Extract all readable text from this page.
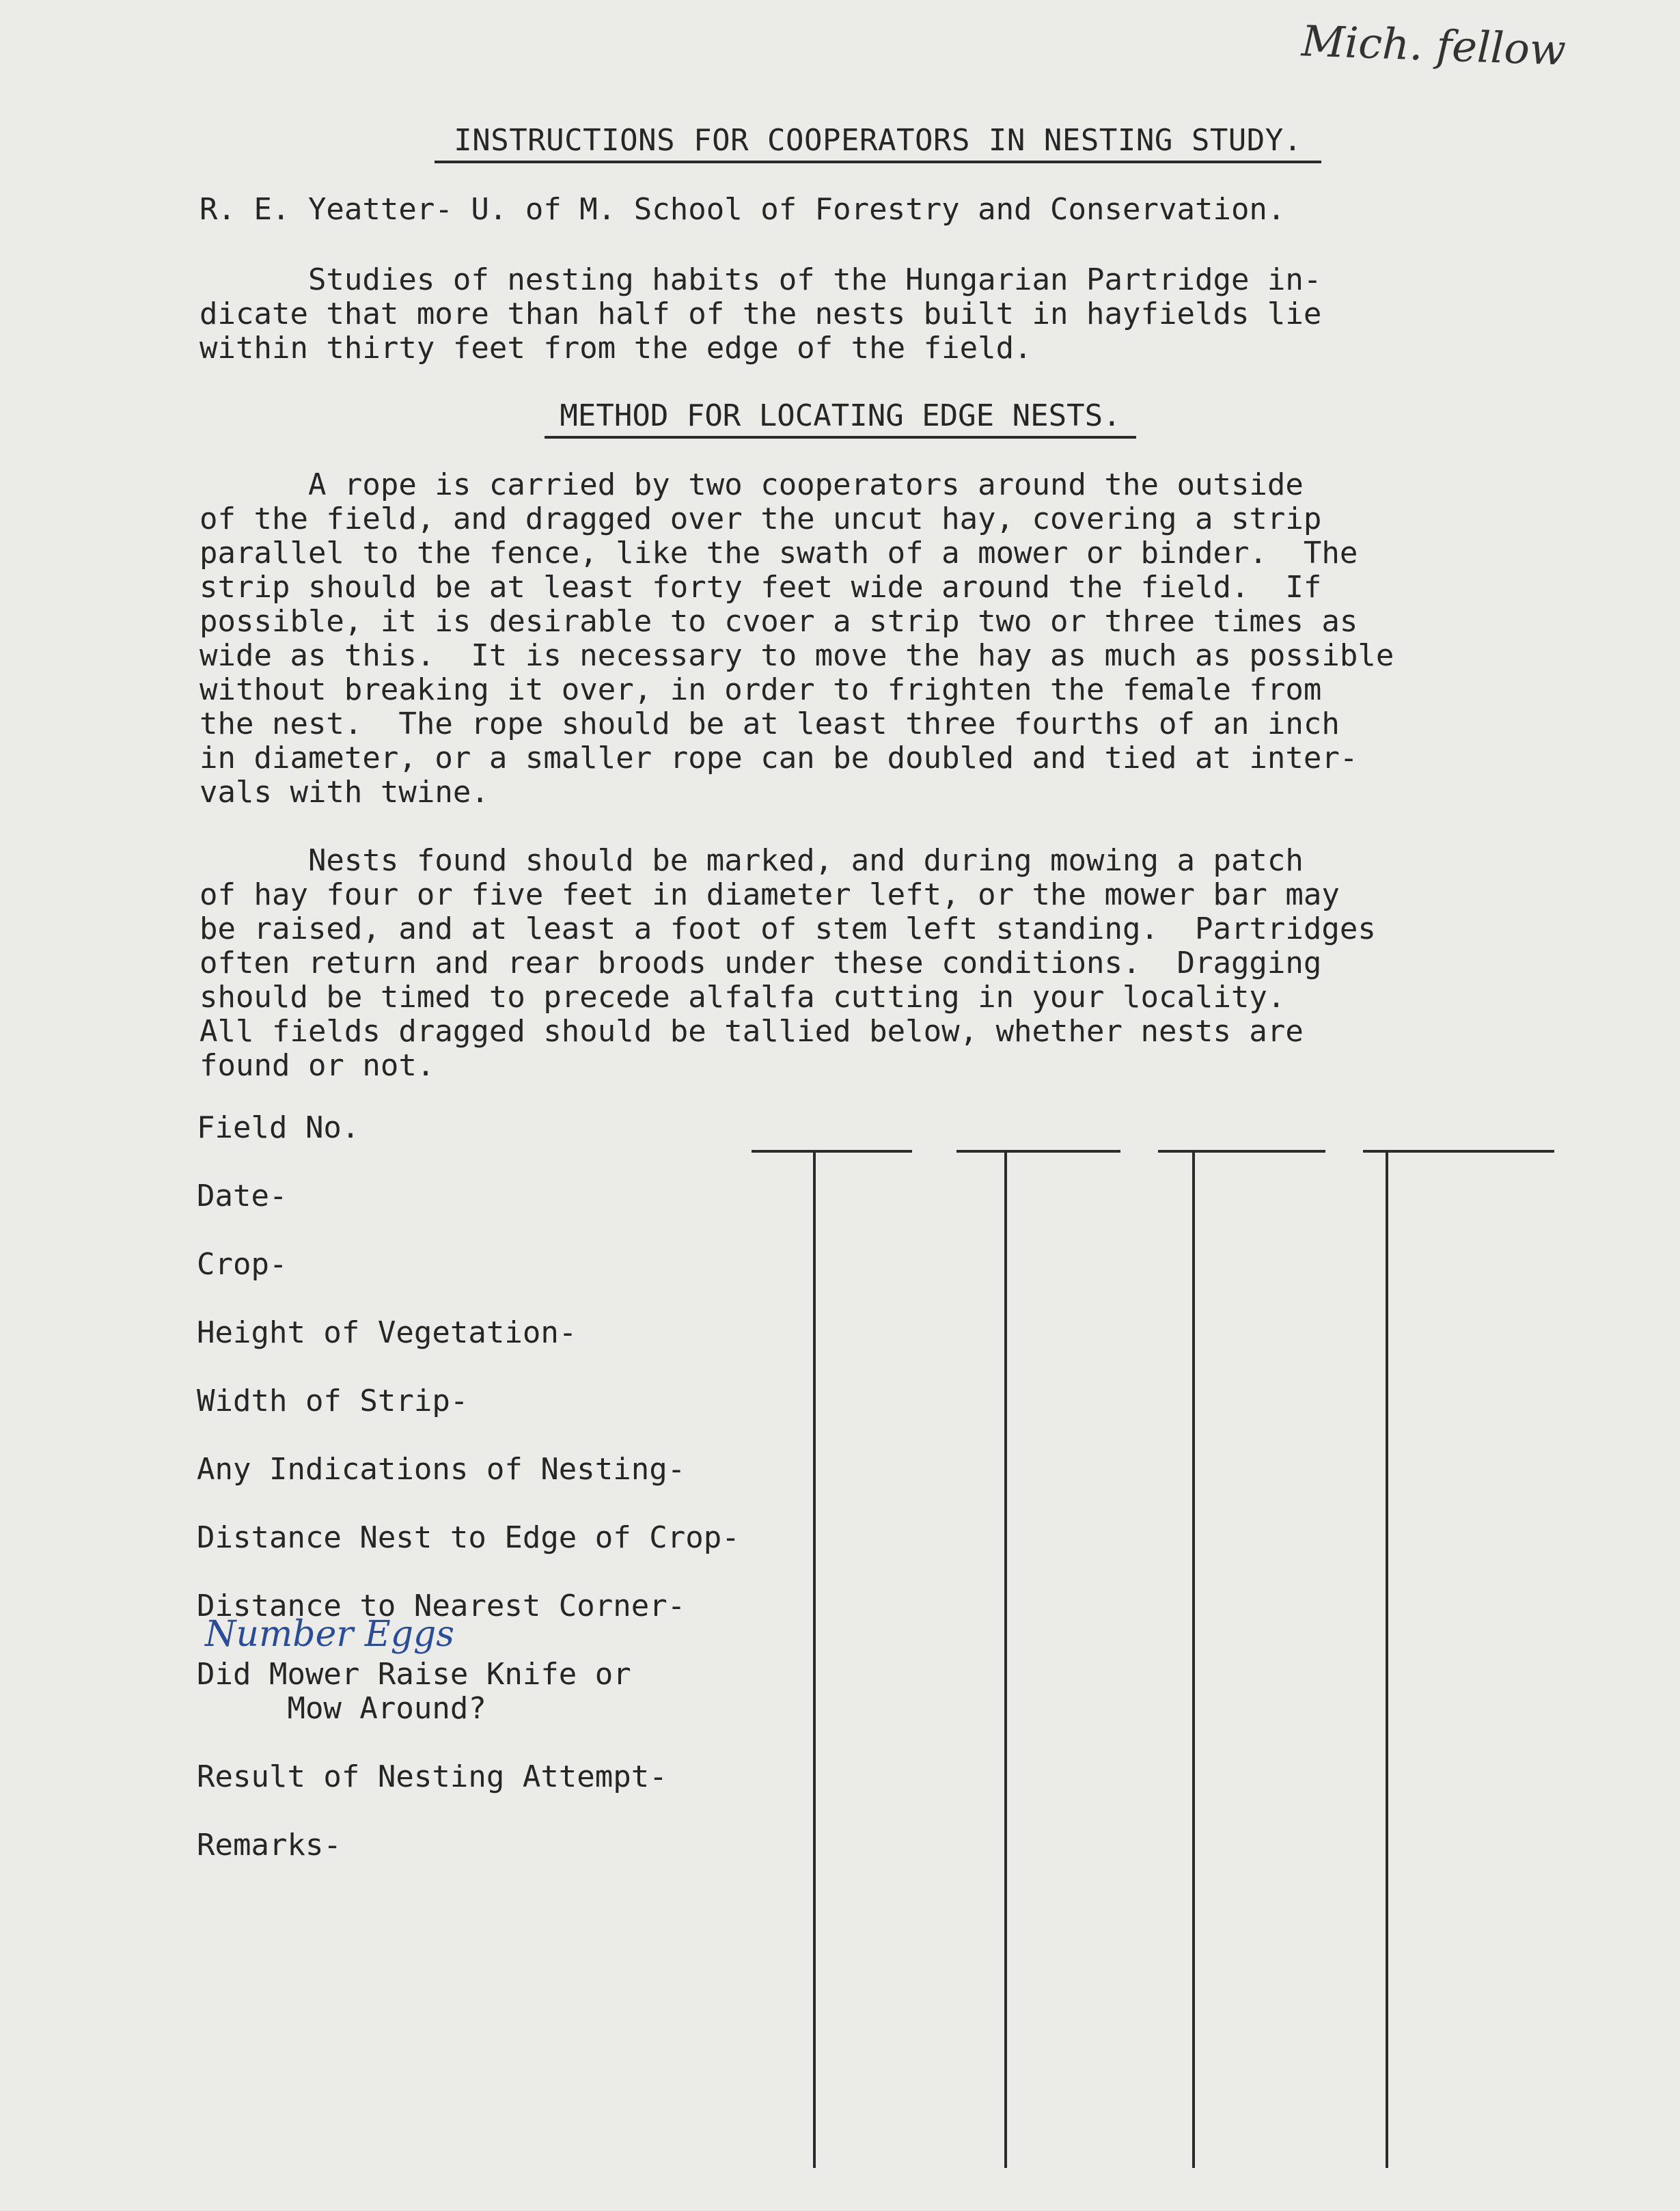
Mich. fellow
INSTRUCTIONS FOR COOPERATORS IN NESTING STUDY.
R. E. Yeatter- U. of M. School of Forestry and Conservation.
Studies of nesting habits of the Hungarian Partridge in-
dicate that more than half of the nests built in hayfields lie
within thirty feet from the edge of the field.
METHOD FOR LOCATING EDGE NESTS.
A rope is carried by two cooperators around the outside
of the field, and dragged over the uncut hay, covering a strip
parallel to the fence, like the swath of a mower or binder.  The
strip should be at least forty feet wide around the field.  If
possible, it is desirable to cvoer a strip two or three times as
wide as this.  It is necessary to move the hay as much as possible
without breaking it over, in order to frighten the female from
the nest.  The rope should be at least three fourths of an inch
in diameter, or a smaller rope can be doubled and tied at inter-
vals with twine.
Nests found should be marked, and during mowing a patch
of hay four or five feet in diameter left, or the mower bar may
be raised, and at least a foot of stem left standing.  Partridges
often return and rear broods under these conditions.  Dragging
should be timed to precede alfalfa cutting in your locality.
All fields dragged should be tallied below, whether nests are
found or not.
Field No.
Date-
Crop-
Height of Vegetation-
Width of Strip-
Any Indications of Nesting-
Distance Nest to Edge of Crop-
Distance to Nearest Corner-
Number Eggs
Did Mower Raise Knife or
Mow Around?
Result of Nesting Attempt-
Remarks-
